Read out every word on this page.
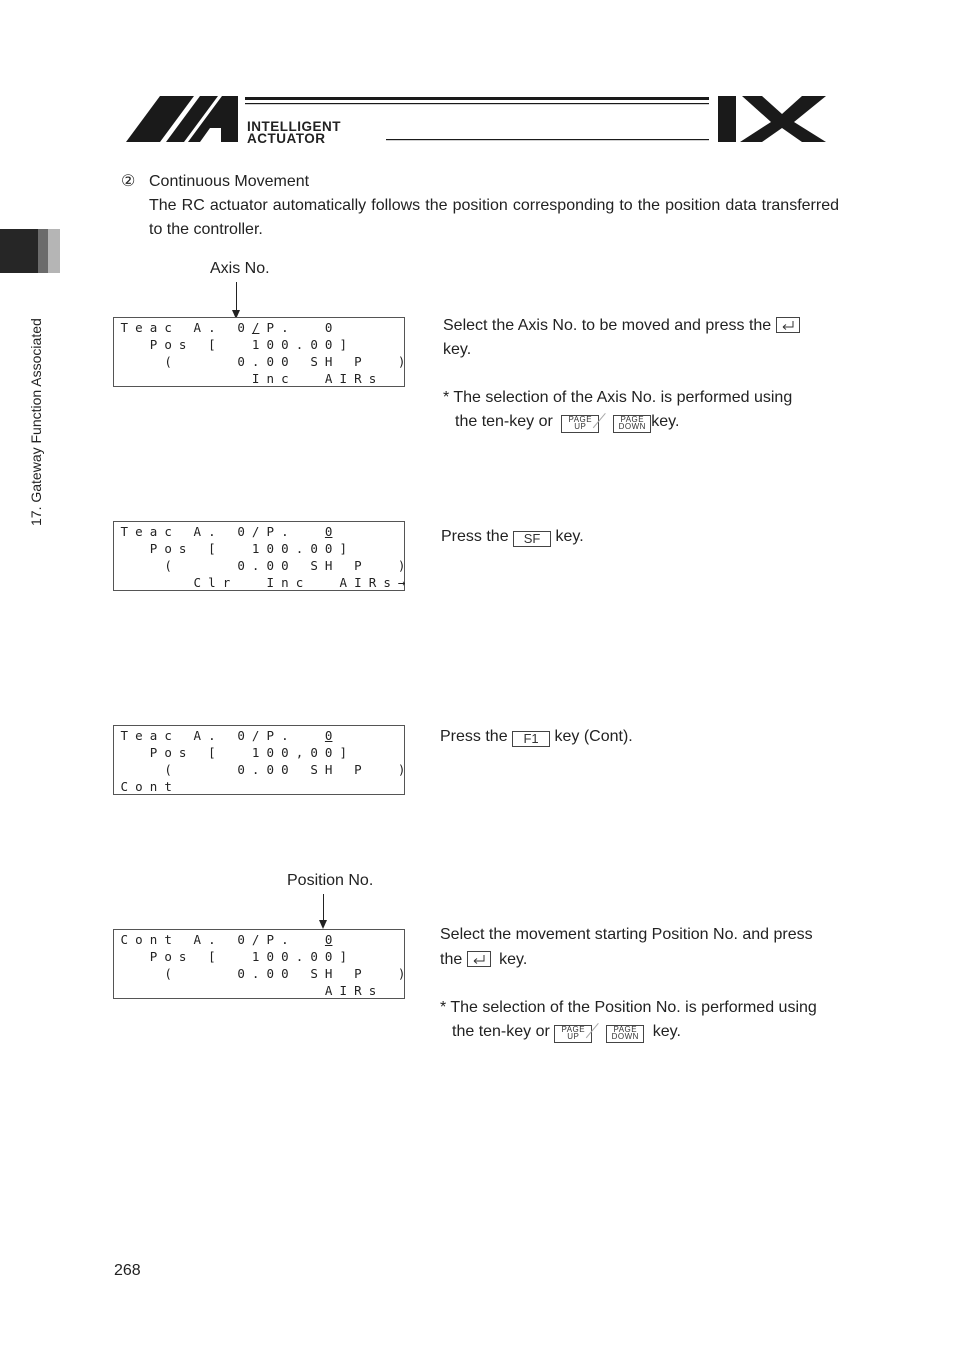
INTELLIGENT
ACTUATOR
17. Gateway Function Associated
② Continuous Movement
The RC actuator automatically follows the position corresponding to the position data transferred to the controller.
Axis No.
T e a c A . 0 / P .	0
P o s [	1 0 0 . 0 0 ]
(	0 . 0 0 S H P	)
I n c	A I R s
T e a c A . 0 / P .	0
P o s [	1 0 0 . 0 0 ]
(	0 . 0 0 S H P	)
C l r	I n c	A I R s →
T e a c A . 0 / P .	0
P o s [	1 0 0 , 0 0 ]
(	0 . 0 0 S H P	)
C o n t
C o n t A . 0 / P .	0
P o s [	1 0 0 . 0 0 ]
(	0 . 0 0 S H P	)
A I R s
Position No.
Select the Axis No. to be moved and press the
key.
* The selection of the Axis No. is performed using
the ten-key or PAGE
UPPAGE
DOWN key.
Press the SF key.
Press the F1 key (Cont).
Select the movement starting Position No. and press
the key.
* The selection of the Position No. is performed using
the ten-key or PAGE
UPPAGE
DOWN key.
268
